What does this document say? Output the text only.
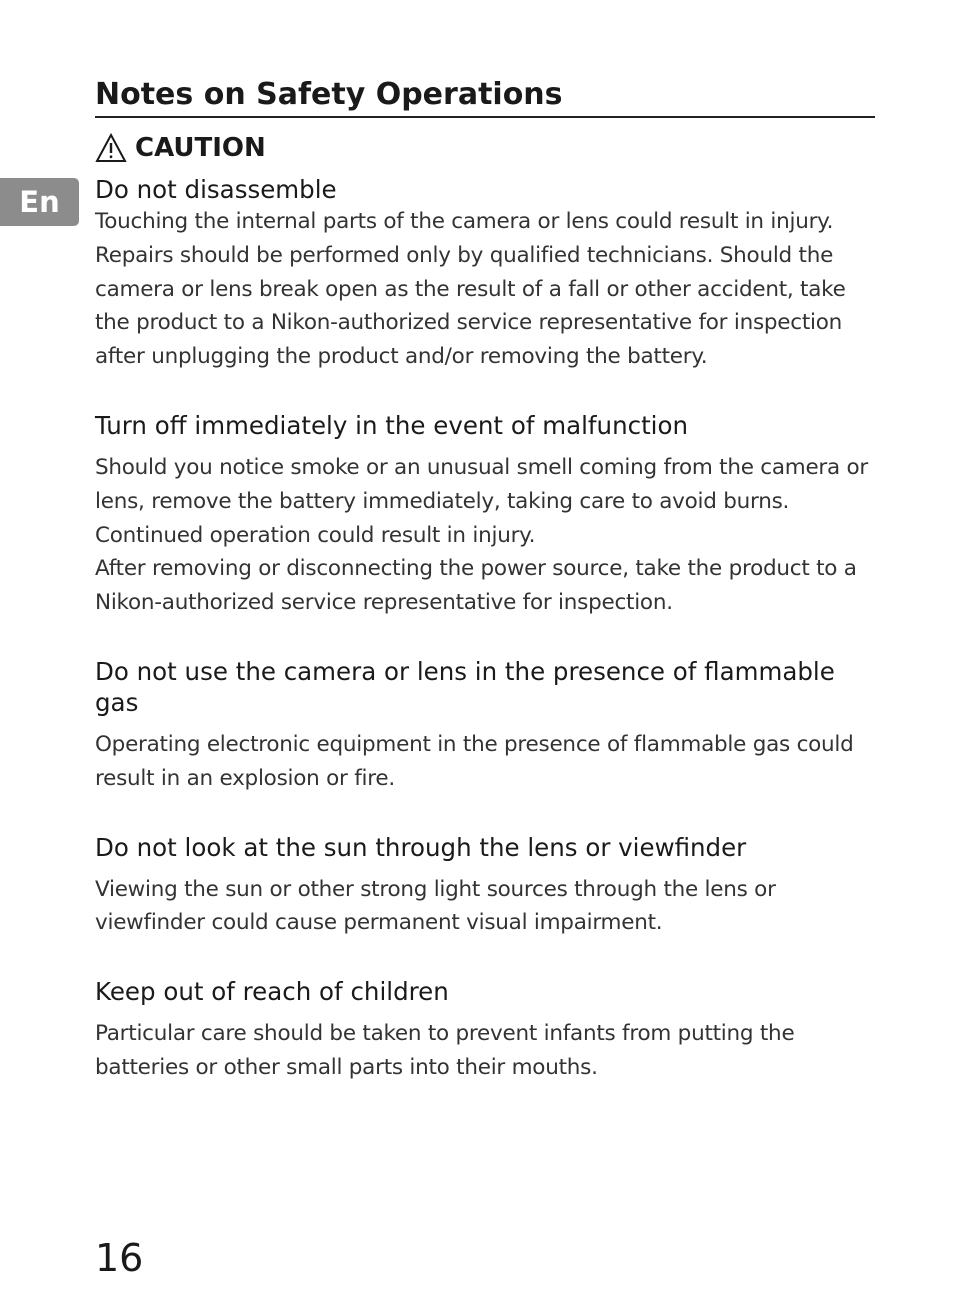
En
Notes on Safety Operations
CAUTION
Do not disassemble

Touching the internal parts of the camera or lens could result in injury. Repairs should be performed only by qualified technicians. Should the camera or lens break open as the result of a fall or other accident, take the product to a Nikon-authorized service representative for inspection after unplugging the product and/or removing the battery.

Turn off immediately in the event of malfunction

Should you notice smoke or an unusual smell coming from the camera or lens, remove the battery immediately, taking care to avoid burns. Continued operation could result in injury.

After removing or disconnecting the power source, take the product to a Nikon-authorized service representative for inspection.

Do not use the camera or lens in the presence of flammable gas

Operating electronic equipment in the presence of flammable gas could result in an explosion or fire.

Do not look at the sun through the lens or viewfinder

Viewing the sun or other strong light sources through the lens or viewfinder could cause permanent visual impairment.

Keep out of reach of children

Particular care should be taken to prevent infants from putting the batteries or other small parts into their mouths.

16
